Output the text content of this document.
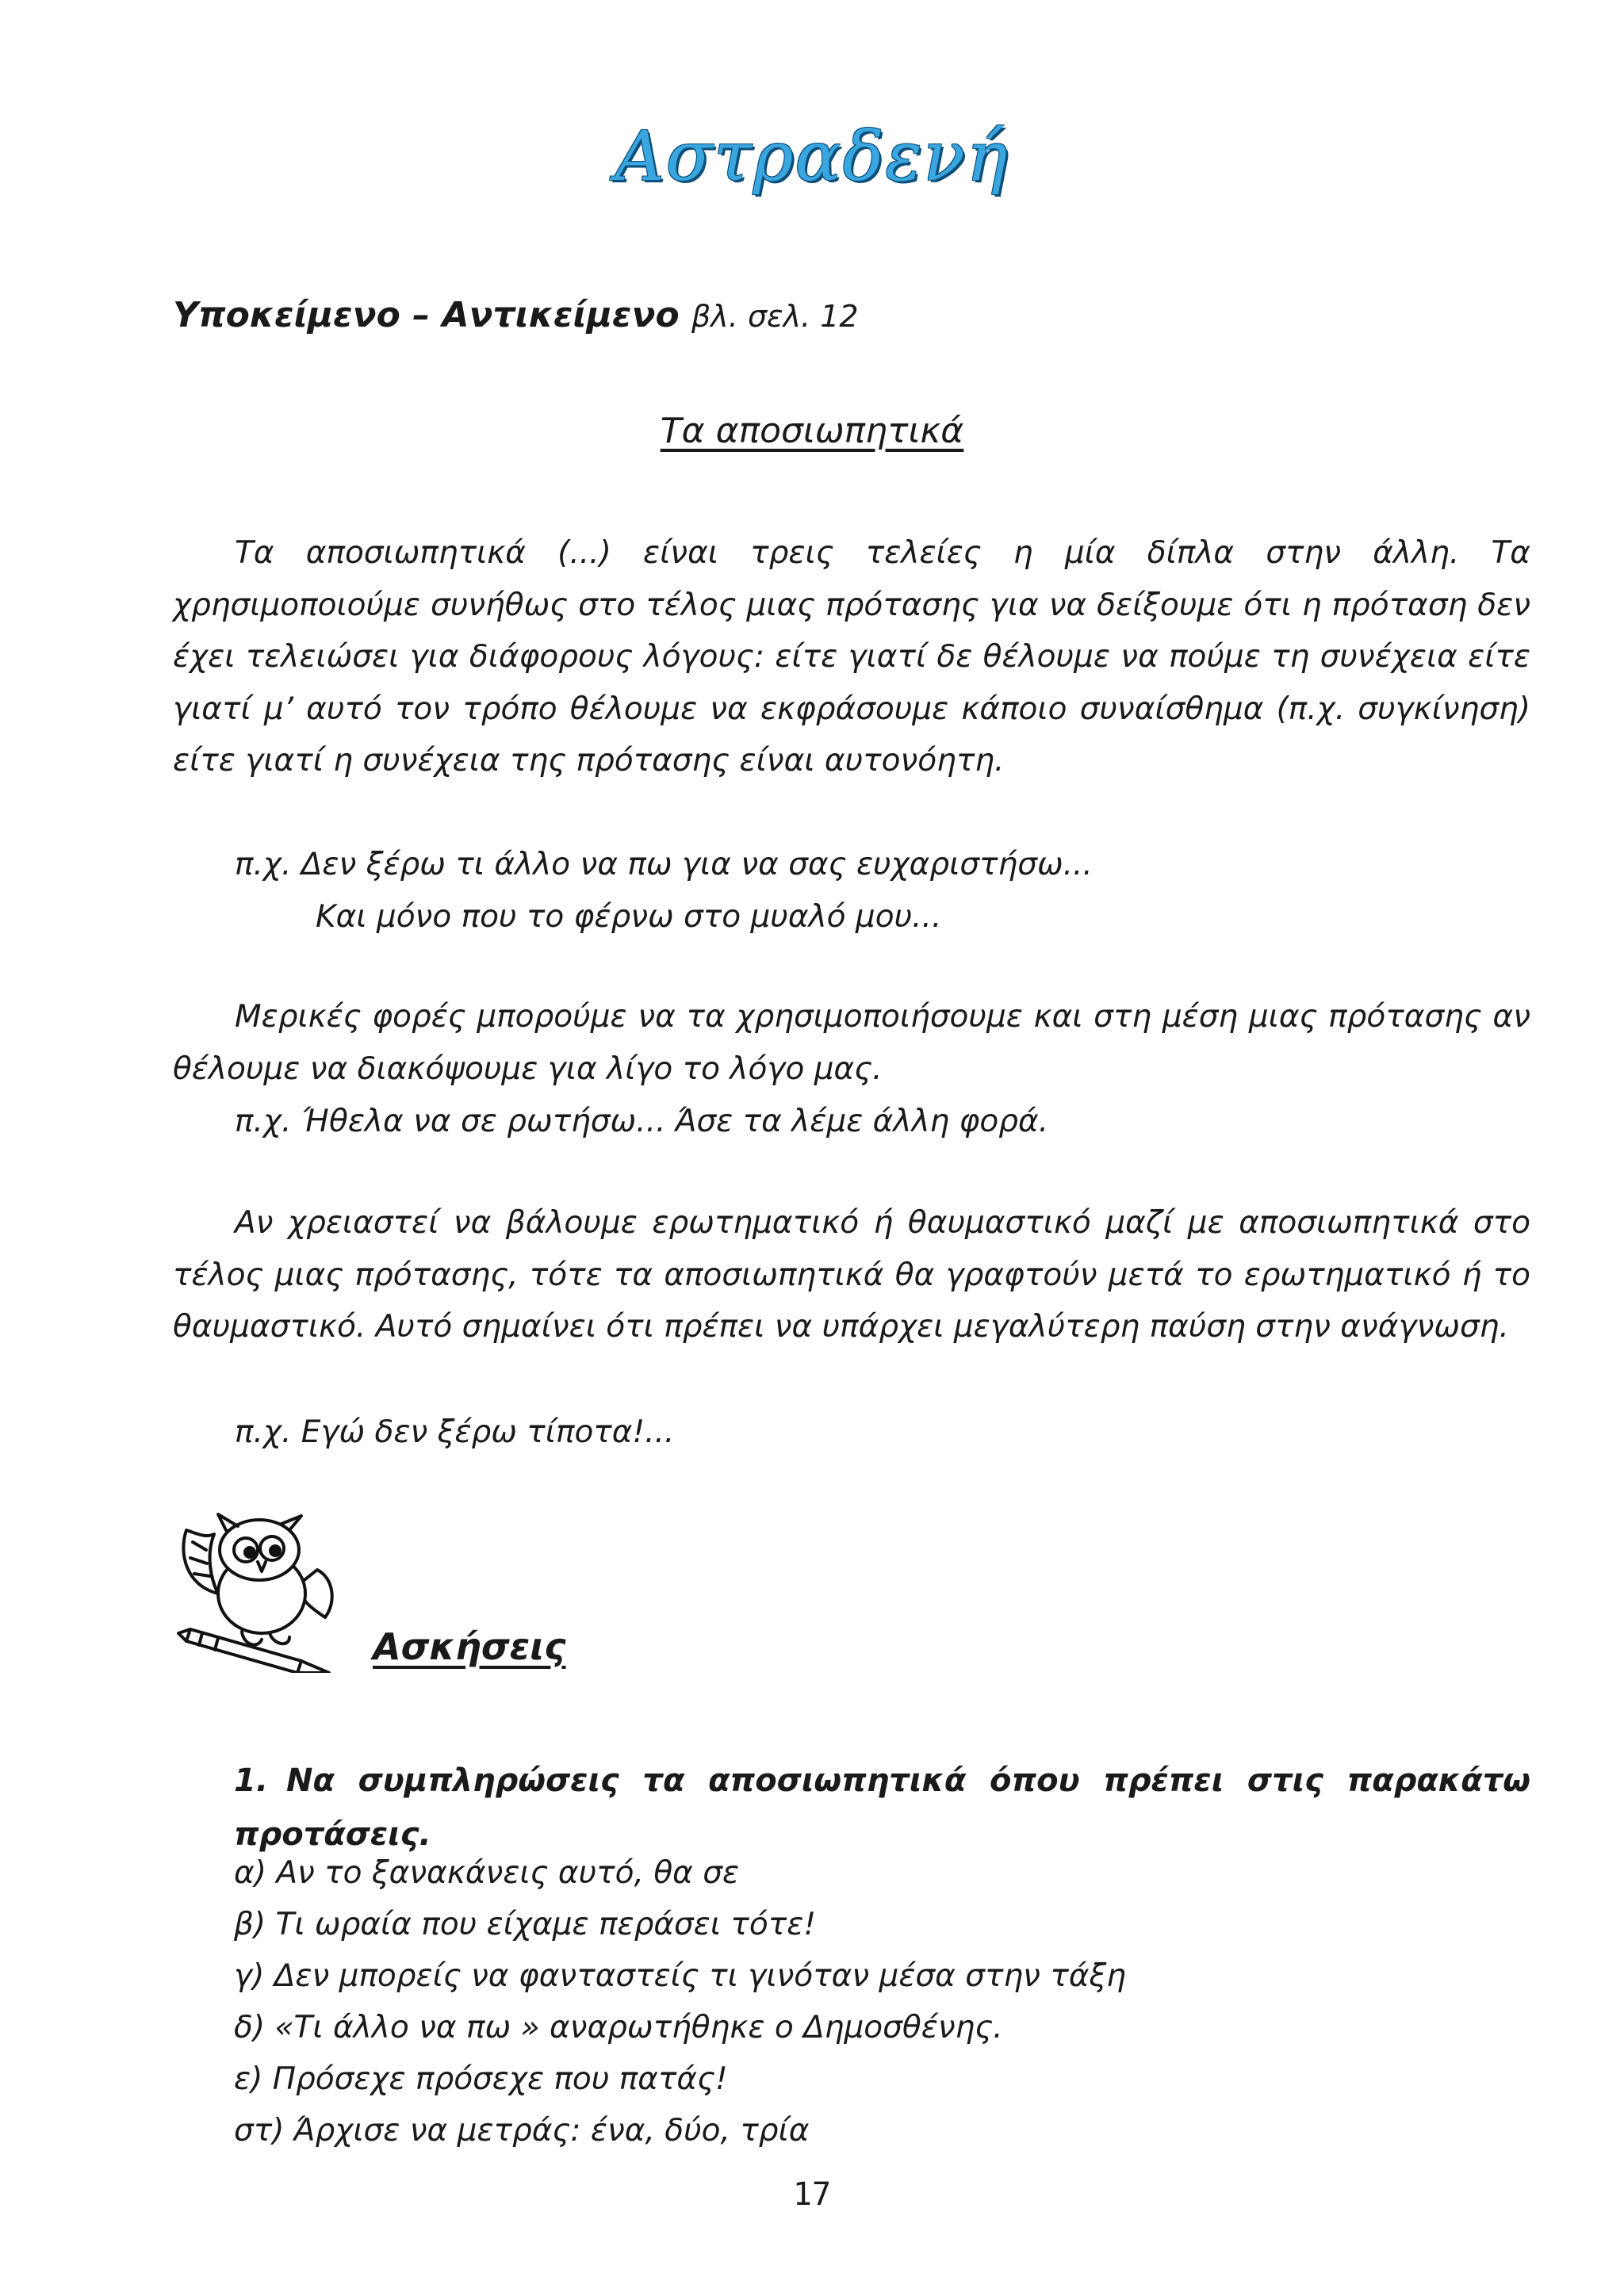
Αστραδενή
Υποκείμενο – Αντικείμενο βλ. σελ. 12
Τα αποσιωπητικά
Τα αποσιωπητικά (...) είναι τρεις τελείες η μία δίπλα στην άλλη. Τα χρησιμοποιούμε συνήθως στο τέλος μιας πρότασης για να δείξουμε ότι η πρόταση δεν έχει τελειώσει για διάφορους λόγους: είτε γιατί δε θέλουμε να πούμε τη συνέχεια είτε γιατί μ’ αυτό τον τρόπο θέλουμε να εκφράσουμε κάποιο συναίσθημα (π.χ. συγκίνηση) είτε γιατί η συνέχεια της πρότασης είναι αυτονόητη.
π.χ. Δεν ξέρω τι άλλο να πω για να σας ευχαριστήσω...
Και μόνο που το φέρνω στο μυαλό μου...
Μερικές φορές μπορούμε να τα χρησιμοποιήσουμε και στη μέση μιας πρότασης αν θέλουμε να διακόψουμε για λίγο το λόγο μας.
π.χ. Ήθελα να σε ρωτήσω... Άσε τα λέμε άλλη φορά.
Αν χρειαστεί να βάλουμε ερωτηματικό ή θαυμαστικό μαζί με αποσιωπητικά στο τέλος μιας πρότασης, τότε τα αποσιωπητικά θα γραφτούν μετά το ερωτηματικό ή το θαυμαστικό. Αυτό σημαίνει ότι πρέπει να υπάρχει μεγαλύτερη παύση στην ανάγνωση.
π.χ. Εγώ δεν ξέρω τίποτα!...
Ασκήσεις
1. Να συμπληρώσεις τα αποσιωπητικά όπου πρέπει στις παρακάτω προτάσεις.
α) Αν το ξανακάνεις αυτό, θα σε
β) Τι ωραία που είχαμε περάσει τότε!
γ) Δεν μπορείς να φανταστείς τι γινόταν μέσα στην τάξη
δ) «Τι άλλο να πω » αναρωτήθηκε ο Δημοσθένης.
ε) Πρόσεχε πρόσεχε που πατάς!
στ) Άρχισε να μετράς: ένα, δύο, τρία
17
